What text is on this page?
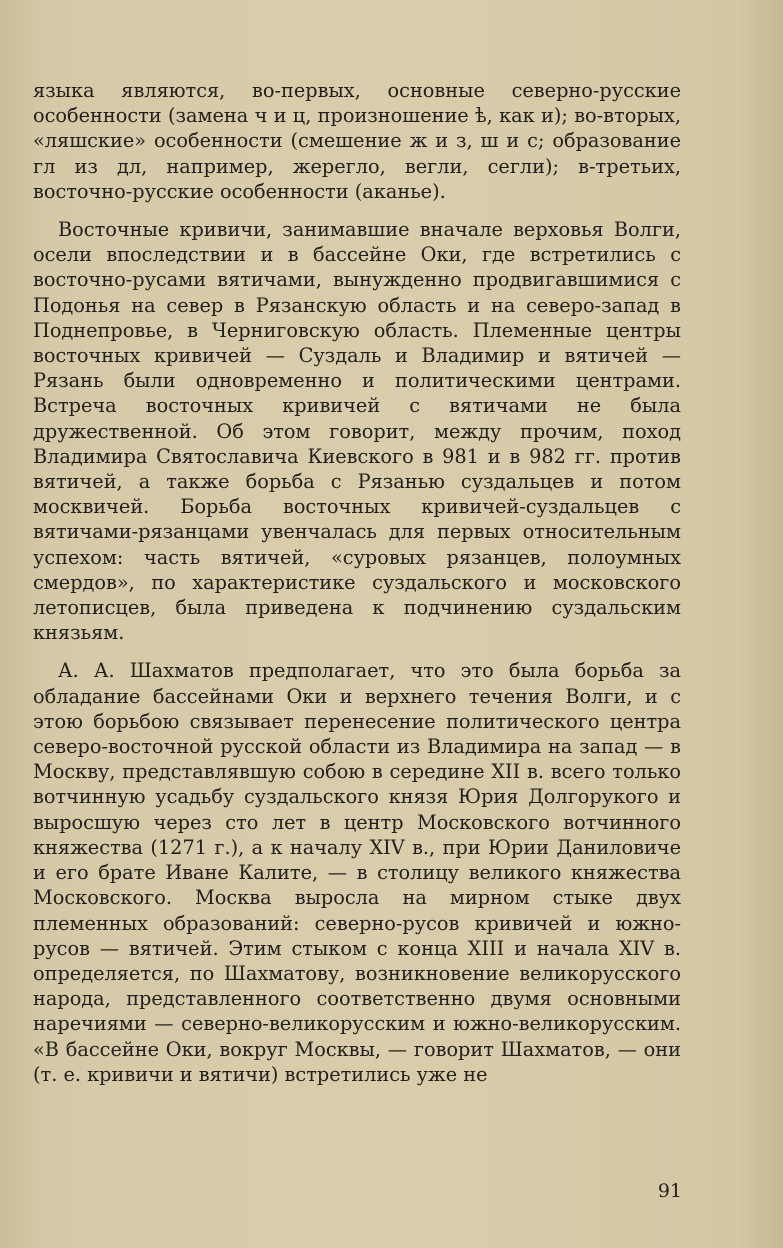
языка являются, во-первых, основные северно-русские особенности (замена ч и ц, произношение ѣ, как и); во-вторых, «ляшские» особенности (смешение ж и з, ш и с; образование гл из дл, например, жерегло, вегли, сегли); в-третьих, восточно-русские особенности (аканье).

Восточные кривичи, занимавшие вначале верховья Волги, осели впоследствии и в бассейне Оки, где встретились с восточно-русами вятичами, вынужденно продвигавшимися с Подонья на север в Рязанскую область и на северо-запад в Поднепровье, в Черниговскую область. Племенные центры восточных кривичей — Суздаль и Владимир и вятичей — Рязань были одновременно и политическими центрами. Встреча восточных кривичей с вятичами не была дружественной. Об этом говорит, между прочим, поход Владимира Святославича Киевского в 981 и в 982 гг. против вятичей, а также борьба с Рязанью суздальцев и потом москвичей. Борьба восточных кривичей-суздальцев с вятичами-рязанцами увенчалась для первых относительным успехом: часть вятичей, «суровых рязанцев, полоумных смердов», по характеристике суздальского и московского летописцев, была приведена к подчинению суздальским князьям.

А. А. Шахматов предполагает, что это была борьба за обладание бассейнами Оки и верхнего течения Волги, и с этою борьбою связывает перенесение политического центра северо-восточной русской области из Владимира на запад — в Москву, представлявшую собою в середине XII в. всего только вотчинную усадьбу суздальского князя Юрия Долгорукого и выросшую через сто лет в центр Московского вотчинного княжества (1271 г.), а к началу XIV в., при Юрии Даниловиче и его брате Иване Калите, — в столицу великого княжества Московского. Москва выросла на мирном стыке двух племенных образований: северно-русов кривичей и южно-русов — вятичей. Этим стыком с конца XIII и начала XIV в. определяется, по Шахматову, возникновение великорусского народа, представленного соответственно двумя основными наречиями — северно-великорусским и южно-великорусским. «В бассейне Оки, вокруг Москвы, — говорит Шахматов, — они (т. е. кривичи и вятичи) встретились уже не

91
